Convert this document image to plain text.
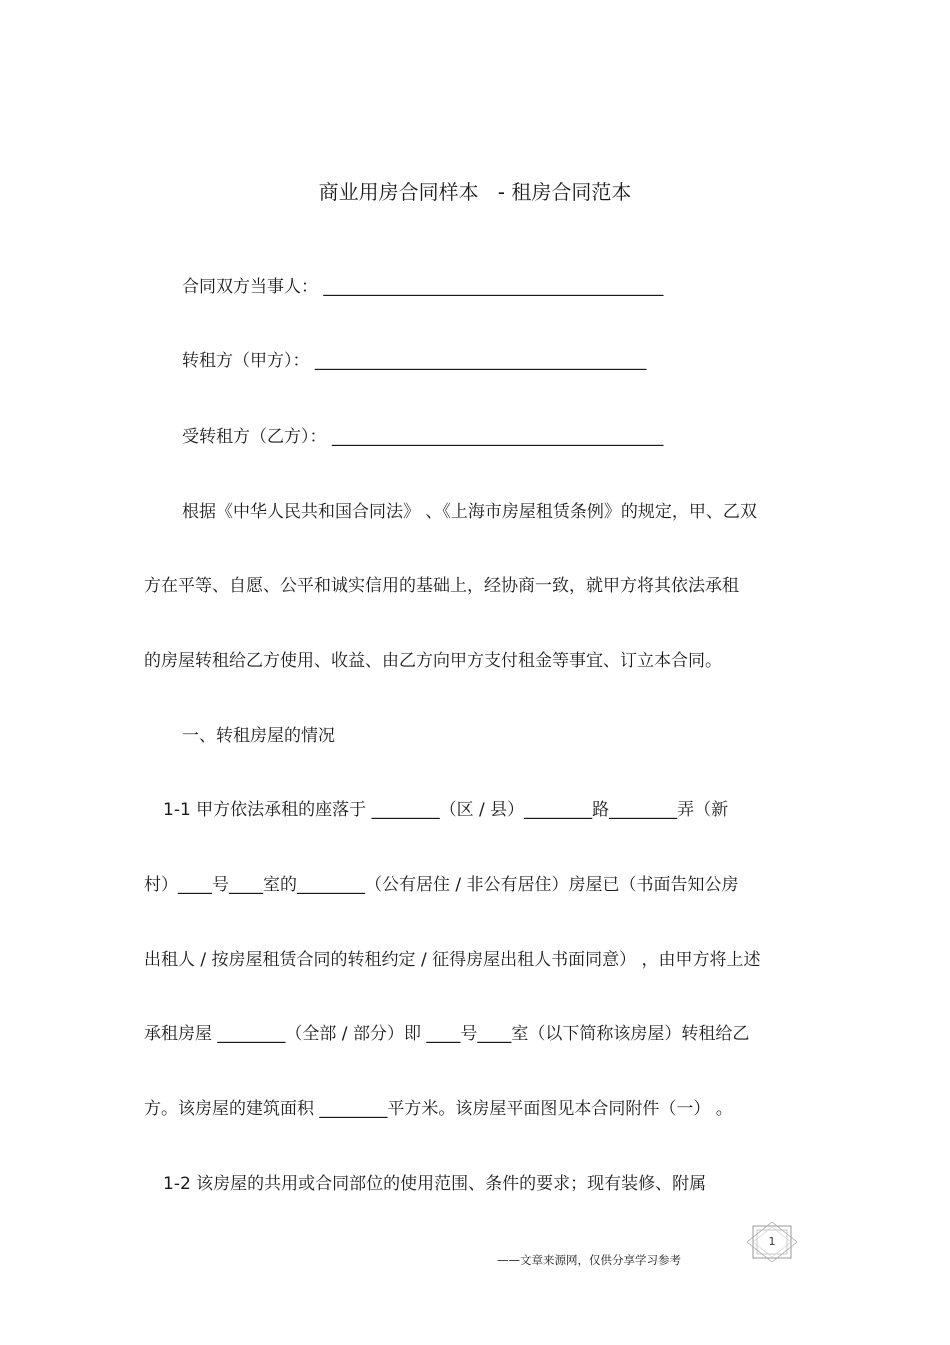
商业用房合同样本   - 租房合同范本
合同双方当事人： ________________________________________
转租方（甲方）： _______________________________________
受转租方（乙方）： _______________________________________
根据《中华人民共和国合同法》 、《上海市房屋租赁条例》的规定，甲、乙双
方在平等、自愿、公平和诚实信用的基础上，经协商一致，就甲方将其依法承租
的房屋转租给乙方使用、收益、由乙方向甲方支付租金等事宜、订立本合同。
一、转租房屋的情况
1-1 甲方依法承租的座落于 ________（区 / 县）________路________弄（新
村）____号____室的________（公有居住 / 非公有居住）房屋已（书面告知公房
出租人 / 按房屋租赁合同的转租约定 / 征得房屋出租人书面同意） ，由甲方将上述
承租房屋 ________（全部 / 部分）即 ____号____室（以下简称该房屋）转租给乙
方。该房屋的建筑面积 ________平方米。该房屋平面图见本合同附件（一） 。
1-2 该房屋的共用或合同部位的使用范围、条件的要求；现有装修、附属
1
——文章来源网，仅供分享学习参考
